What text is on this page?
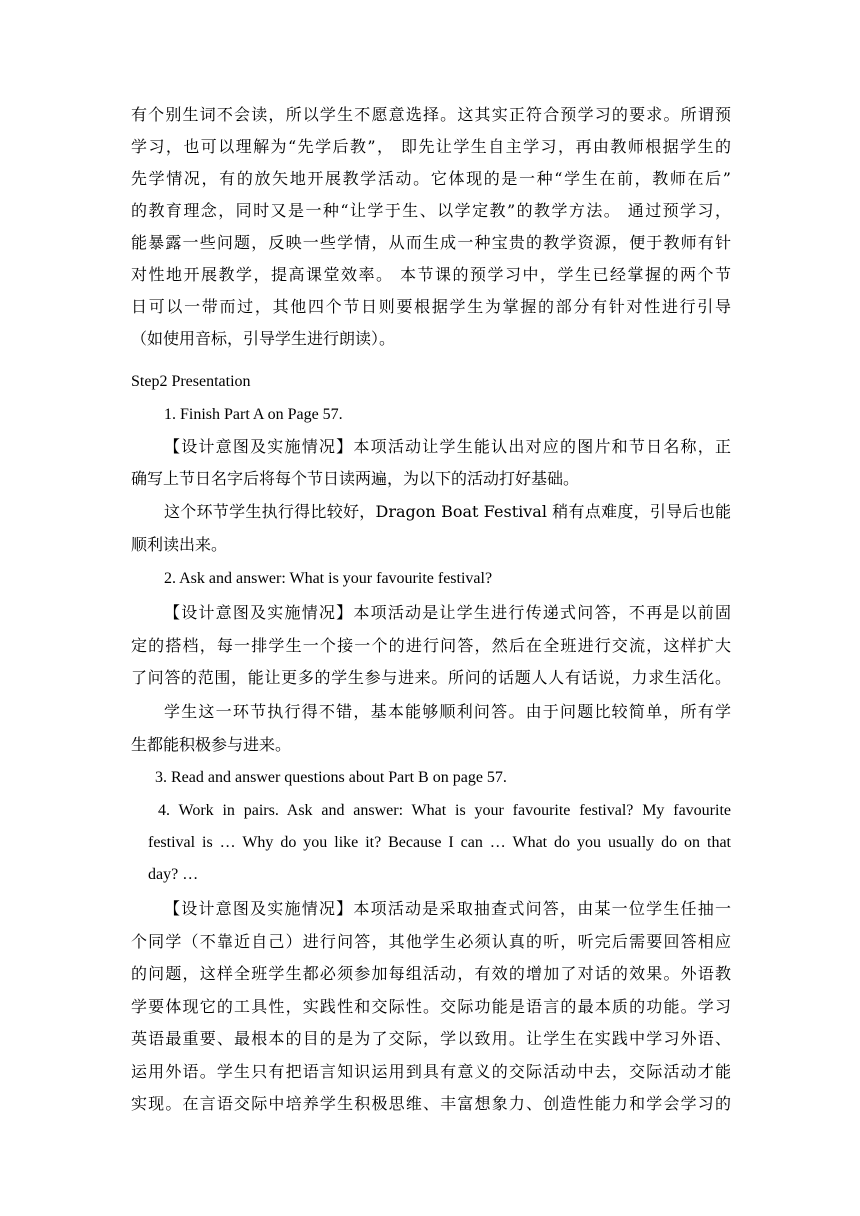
有个别生词不会读，所以学生不愿意选择。这其实正符合预学习的要求。所谓预
学习，也可以理解为“先学后教”， 即先让学生自主学习，再由教师根据学生的
先学情况，有的放矢地开展教学活动。它体现的是一种“学生在前，教师在后”
的教育理念，同时又是一种“让学于生、以学定教”的教学方法。 通过预学习，
能暴露一些问题，反映一些学情，从而生成一种宝贵的教学资源，便于教师有针
对性地开展教学，提高课堂效率。 本节课的预学习中，学生已经掌握的两个节
日可以一带而过，其他四个节日则要根据学生为掌握的部分有针对性进行引导
（如使用音标，引导学生进行朗读）。
Step2 Presentation
1. Finish Part A on Page 57.
【设计意图及实施情况】本项活动让学生能认出对应的图片和节日名称，正
确写上节日名字后将每个节日读两遍，为以下的活动打好基础。
这个环节学生执行得比较好，Dragon Boat Festival 稍有点难度，引导后也能
顺利读出来。
2. Ask and answer: What is your favourite festival?
【设计意图及实施情况】本项活动是让学生进行传递式问答，不再是以前固
定的搭档，每一排学生一个接一个的进行问答，然后在全班进行交流，这样扩大
了问答的范围，能让更多的学生参与进来。所问的话题人人有话说，力求生活化。
学生这一环节执行得不错，基本能够顺利问答。由于问题比较简单，所有学
生都能积极参与进来。
3. Read and answer questions about Part B on page 57.
4. Work in pairs. Ask and answer: What is your favourite festival? My favourite
festival is … Why do you like it? Because I can … What do you usually do on that
day? …
【设计意图及实施情况】本项活动是采取抽查式问答，由某一位学生任抽一
个同学（不靠近自己）进行问答，其他学生必须认真的听，听完后需要回答相应
的问题，这样全班学生都必须参加每组活动，有效的增加了对话的效果。外语教
学要体现它的工具性，实践性和交际性。交际功能是语言的最本质的功能。学习
英语最重要、最根本的目的是为了交际，学以致用。让学生在实践中学习外语、
运用外语。学生只有把语言知识运用到具有意义的交际活动中去，交际活动才能
实现。在言语交际中培养学生积极思维、丰富想象力、创造性能力和学会学习的
